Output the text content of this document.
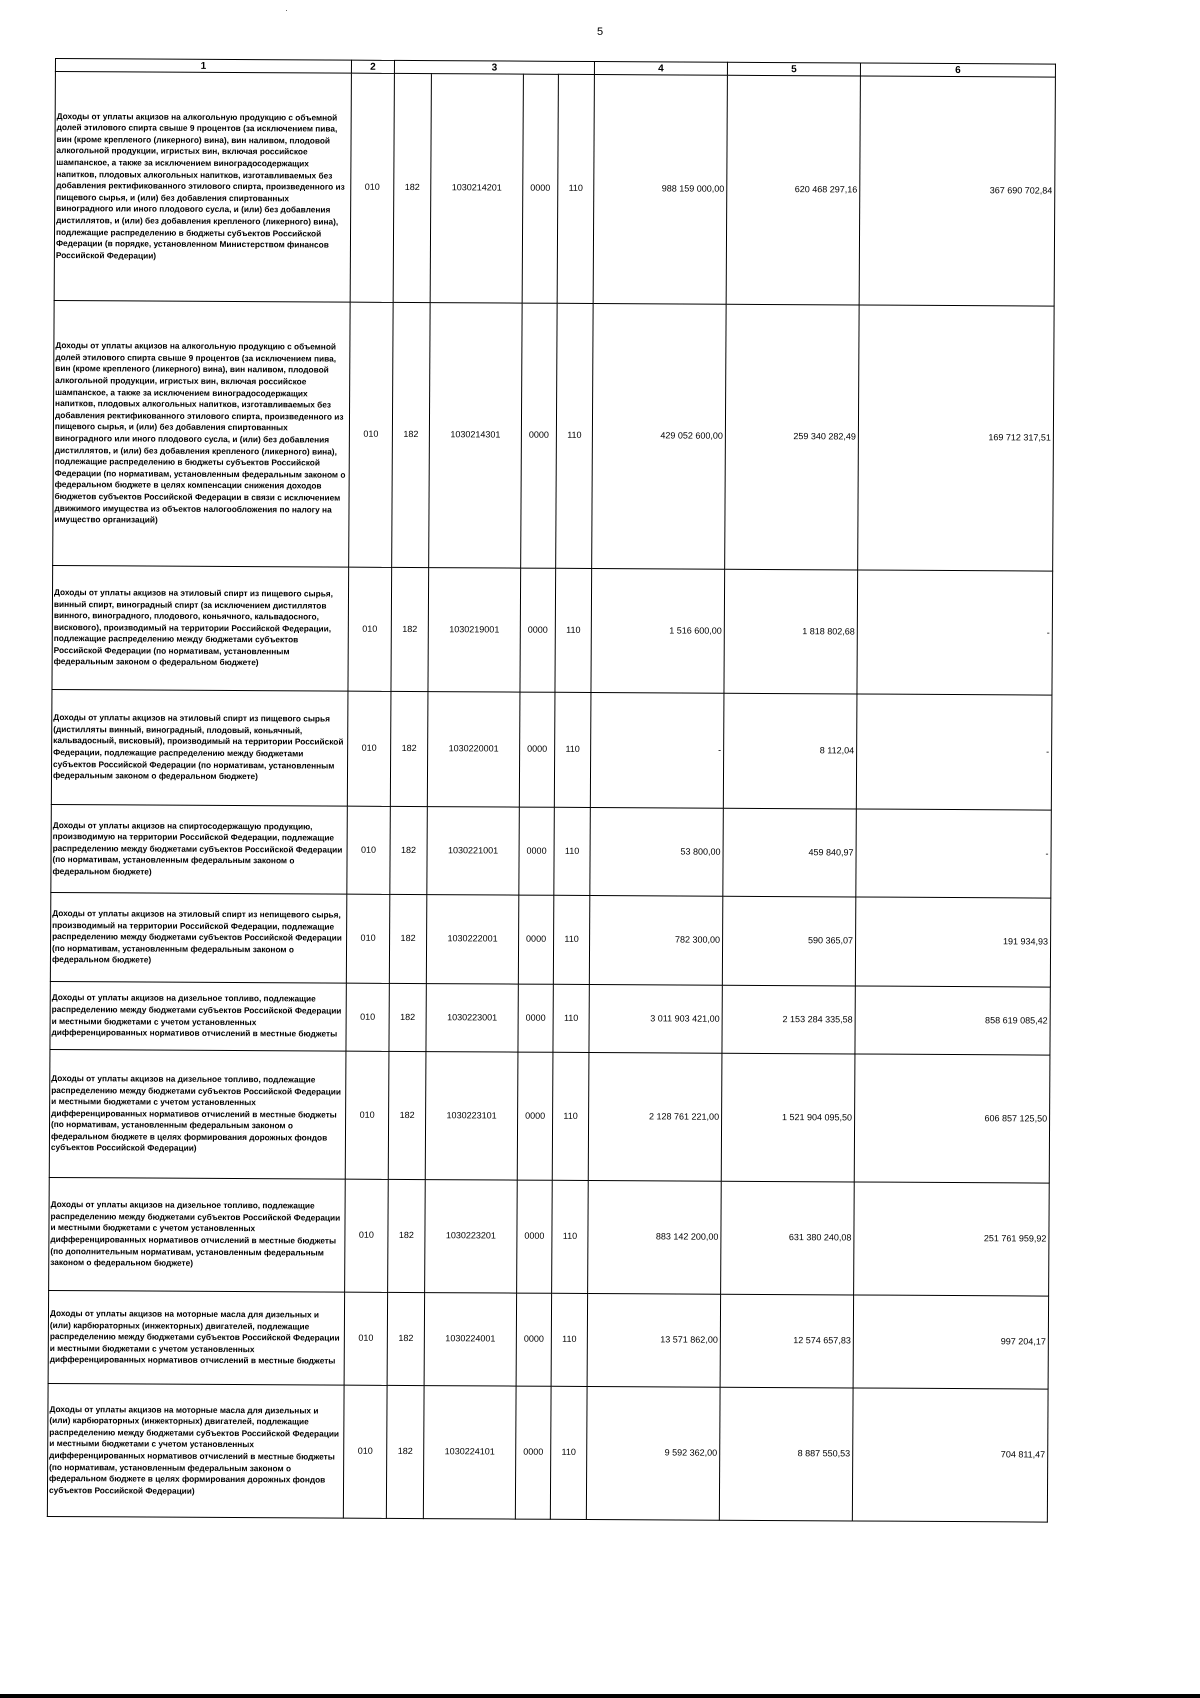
5
1	2	3				4	5	6
Доходы от уплаты акцизов на алкогольную продукцию с объемной долей этилового спирта свыше 9 процентов (за исключением пива, вин (кроме крепленого (ликерного) вина), вин наливом, плодовой алкогольной продукции, игристых вин, включая российское шампанское, а также за исключением виноградосодержащих напитков, плодовых алкогольных напитков, изготавливаемых без добавления ректификованного этилового спирта, произведенного из пищевого сырья, и (или) без добавления спиртованных виноградного или иного плодового сусла, и (или) без добавления дистиллятов, и (или) без добавления крепленого (ликерного) вина), подлежащие распределению в бюджеты субъектов Российской Федерации (в порядке, установленном Министерством финансов Российской Федерации)	010	182	1030214201	0000	110	988 159 000,00	620 468 297,16	367 690 702,84
Доходы от уплаты акцизов на алкогольную продукцию с объемной долей этилового спирта свыше 9 процентов (за исключением пива, вин (кроме крепленого (ликерного) вина), вин наливом, плодовой алкогольной продукции, игристых вин, включая российское шампанское, а также за исключением виноградосодержащих напитков, плодовых алкогольных напитков, изготавливаемых без добавления ректификованного этилового спирта, произведенного из пищевого сырья, и (или) без добавления спиртованных виноградного или иного плодового сусла, и (или) без добавления дистиллятов, и (или) без добавления крепленого (ликерного) вина), подлежащие распределению в бюджеты субъектов Российской Федерации (по нормативам, установленным федеральным законом о федеральном бюджете в целях компенсации снижения доходов бюджетов субъектов Российской Федерации в связи с исключением движимого имущества из объектов налогообложения по налогу на имущество организаций)	010	182	1030214301	0000	110	429 052 600,00	259 340 282,49	169 712 317,51
Доходы от уплаты акцизов на этиловый спирт из пищевого сырья, винный спирт, виноградный спирт (за исключением дистиллятов винного, виноградного, плодового, коньячного, кальвадосного, вискового), производимый на территории Российской Федерации, подлежащие распределению между бюджетами субъектов Российской Федерации (по нормативам, установленным федеральным законом о федеральном бюджете)	010	182	1030219001	0000	110	1 516 600,00	1 818 802,68	-
Доходы от уплаты акцизов на этиловый спирт из пищевого сырья (дистилляты винный, виноградный, плодовый, коньячный, кальвадосный, висковый), производимый на территории Российской Федерации, подлежащие распределению между бюджетами субъектов Российской Федерации (по нормативам, установленным федеральным законом о федеральном бюджете)	010	182	1030220001	0000	110	-	8 112,04	-
Доходы от уплаты акцизов на спиртосодержащую продукцию, производимую на территории Российской Федерации, подлежащие распределению между бюджетами субъектов Российской Федерации (по нормативам, установленным федеральным законом о федеральном бюджете)	010	182	1030221001	0000	110	53 800,00	459 840,97	-
Доходы от уплаты акцизов на этиловый спирт из непищевого сырья, производимый на территории Российской Федерации, подлежащие распределению между бюджетами субъектов Российской Федерации (по нормативам, установленным федеральным законом о федеральном бюджете)	010	182	1030222001	0000	110	782 300,00	590 365,07	191 934,93
Доходы от уплаты акцизов на дизельное топливо, подлежащие распределению между бюджетами субъектов Российской Федерации и местными бюджетами с учетом установленных дифференцированных нормативов отчислений в местные бюджеты	010	182	1030223001	0000	110	3 011 903 421,00	2 153 284 335,58	858 619 085,42
Доходы от уплаты акцизов на дизельное топливо, подлежащие распределению между бюджетами субъектов Российской Федерации и местными бюджетами с учетом установленных дифференцированных нормативов отчислений в местные бюджеты (по нормативам, установленным федеральным законом о федеральном бюджете в целях формирования дорожных фондов субъектов Российской Федерации)	010	182	1030223101	0000	110	2 128 761 221,00	1 521 904 095,50	606 857 125,50
Доходы от уплаты акцизов на дизельное топливо, подлежащие распределению между бюджетами субъектов Российской Федерации и местными бюджетами с учетом установленных дифференцированных нормативов отчислений в местные бюджеты (по дополнительным нормативам, установленным федеральным законом о федеральном бюджете)	010	182	1030223201	0000	110	883 142 200,00	631 380 240,08	251 761 959,92
Доходы от уплаты акцизов на моторные масла для дизельных и (или) карбюраторных (инжекторных) двигателей, подлежащие распределению между бюджетами субъектов Российской Федерации и местными бюджетами с учетом установленных дифференцированных нормативов отчислений в местные бюджеты	010	182	1030224001	0000	110	13 571 862,00	12 574 657,83	997 204,17
Доходы от уплаты акцизов на моторные масла для дизельных и (или) карбюраторных (инжекторных) двигателей, подлежащие распределению между бюджетами субъектов Российской Федерации и местными бюджетами с учетом установленных дифференцированных нормативов отчислений в местные бюджеты (по нормативам, установленным федеральным законом о федеральном бюджете в целях формирования дорожных фондов субъектов Российской Федерации)	010	182	1030224101	0000	110	9 592 362,00	8 887 550,53	704 811,47
